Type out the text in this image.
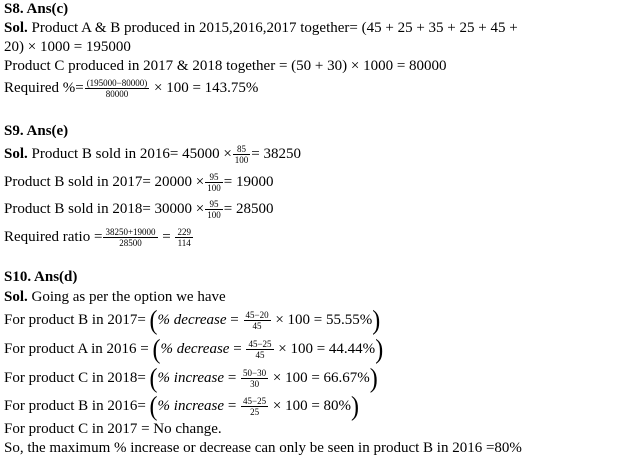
S8. Ans(c)
Sol. Product A & B produced in 2015,2016,2017 together= (45 + 25 + 35 + 25 + 45 +
20) × 1000 = 195000
Product C produced in 2017 & 2018 together = (50 + 30) × 1000 = 80000
Required %= $\frac{(195000-80000)}{80000} \times 100 = 143.75\%$
S9. Ans(e)
Sol. Product B sold in $2016= 45000 \times \frac{85}{100} = 38250$
Product B sold in $2017= 20000 \times \frac{95}{100} = 19000$
Product B sold in $2018= 30000 \times \frac{95}{100} = 28500$
Required ratio = $\frac{38250+19000}{28500} = \frac{229}{114}$
S10. Ans(d)
Sol. Going as per the option we have
For product B in 2017= (% decrease = $\frac{45-20}{45} \times 100 = 55.55\%$)
For product A in 2016 = (% decrease = $\frac{45-25}{45} \times 100 = 44.44\%$)
For product C in 2018= (% increase = $\frac{50-30}{30} \times 100 = 66.67\%$)
For product B in 2016= (% increase = $\frac{45-25}{25} \times 100 = 80\%$)
For product C in 2017 = No change.
So, the maximum % increase or decrease can only be seen in product B in 2016 =80%
